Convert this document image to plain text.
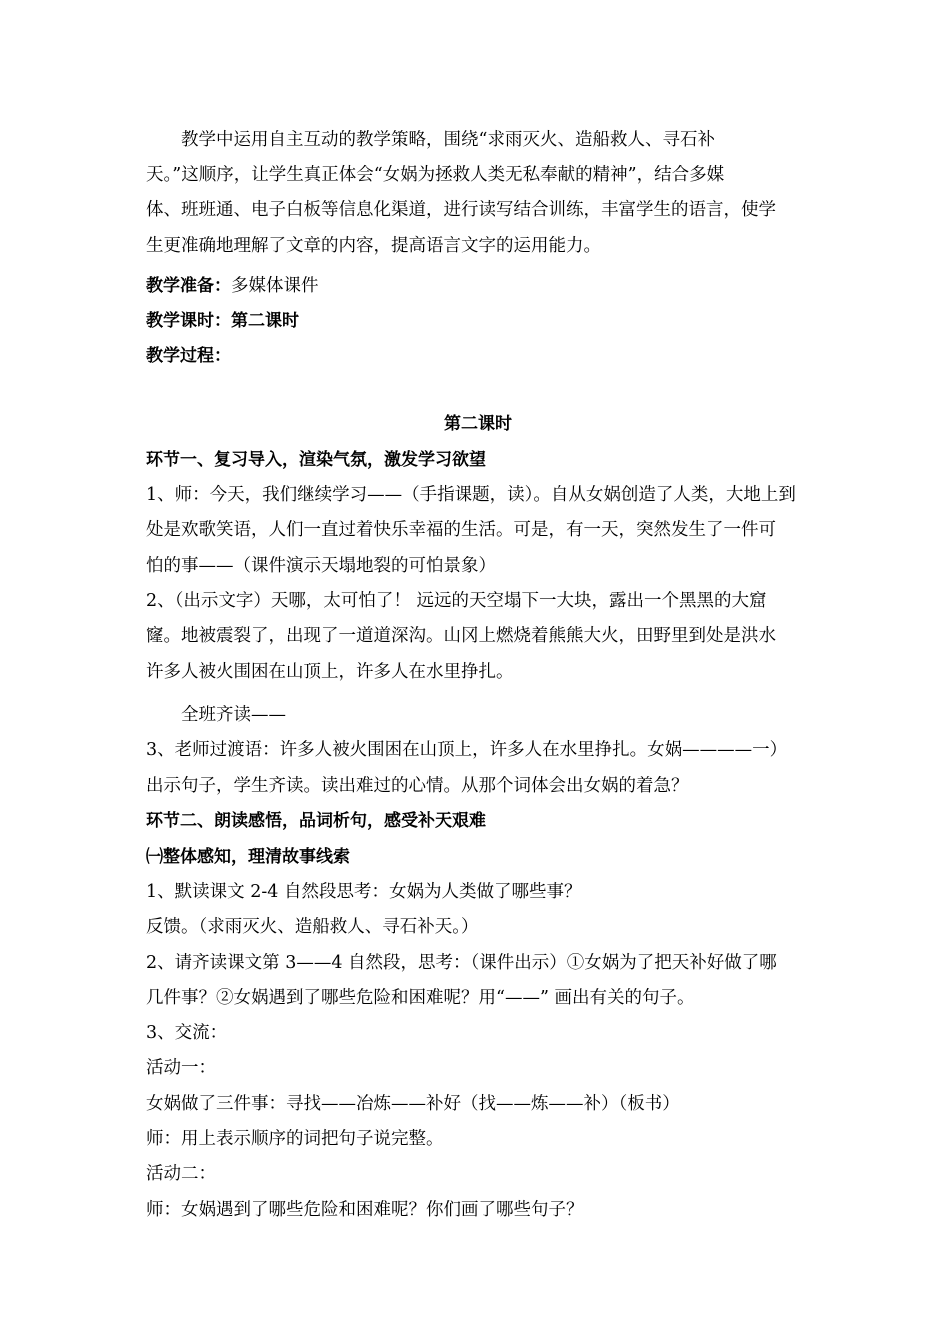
教学中运用自主互动的教学策略，围绕“求雨灭火、造船救人、寻石补
天。”这顺序，让学生真正体会“女娲为拯救人类无私奉献的精神”，结合多媒
体、班班通、电子白板等信息化渠道，进行读写结合训练，丰富学生的语言，使学
生更准确地理解了文章的内容，提高语言文字的运用能力。
教学准备：多媒体课件
教学课时：第二课时
教学过程：
第二课时
环节一、复习导入，渲染气氛，激发学习欲望
1、师：今天，我们继续学习——（手指课题，读）。自从女娲创造了人类，大地上到
处是欢歌笑语，人们一直过着快乐幸福的生活。可是，有一天，突然发生了一件可
怕的事——（课件演示天塌地裂的可怕景象）
2、（出示文字）天哪，太可怕了！ 远远的天空塌下一大块，露出一个黑黑的大窟
窿。地被震裂了，出现了一道道深沟。山冈上燃烧着熊熊大火，田野里到处是洪水
许多人被火围困在山顶上，许多人在水里挣扎。
全班齐读——
3、老师过渡语：许多人被火围困在山顶上，许多人在水里挣扎。女娲————一）
出示句子，学生齐读。读出难过的心情。从那个词体会出女娲的着急？
环节二、朗读感悟，品词析句，感受补天艰难
㈠整体感知，理清故事线索
1、默读课文 2-4 自然段思考：女娲为人类做了哪些事？
反馈。（求雨灭火、造船救人、寻石补天。）
2、请齐读课文第 3——4 自然段，思考：（课件出示）①女娲为了把天补好做了哪
几件事？②女娲遇到了哪些危险和困难呢？用“——” 画出有关的句子。
3、交流：
活动一：
女娲做了三件事：寻找——冶炼——补好（找——炼——补）（板书）
师：用上表示顺序的词把句子说完整。
活动二：
师：女娲遇到了哪些危险和困难呢？你们画了哪些句子？
